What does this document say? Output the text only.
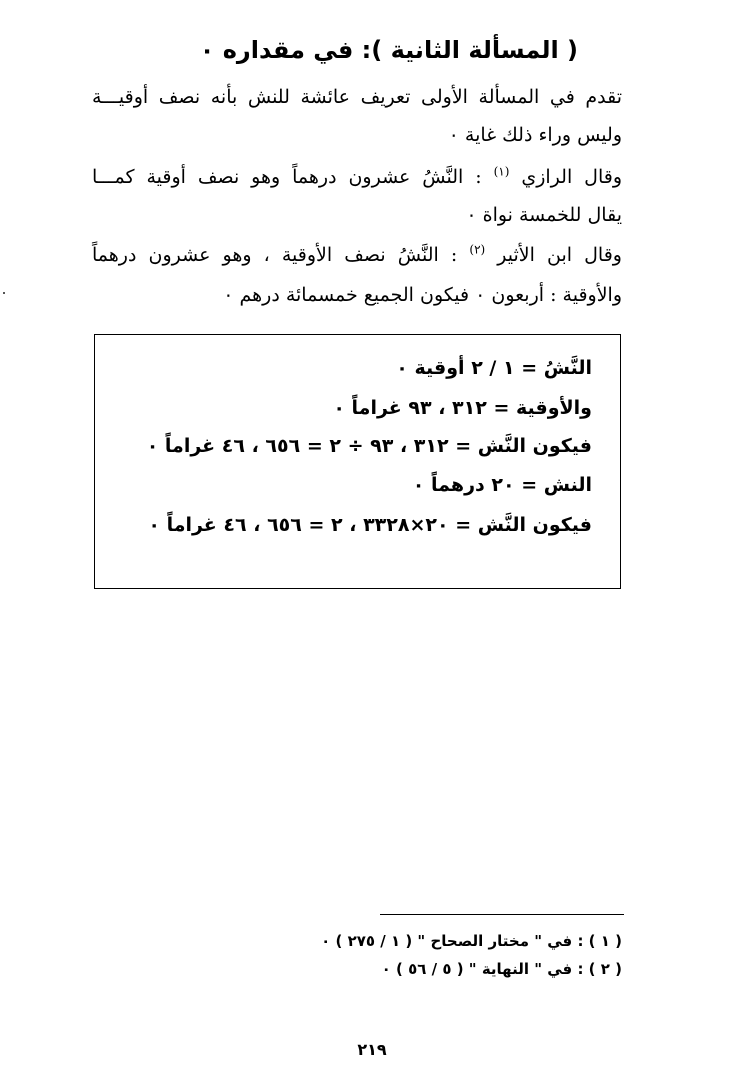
( المسألة الثانية ): في مقداره ٠
تقدم في المسألة الأولى تعريف عائشة للنش بأنه نصف أوقيـــة
وليس وراء ذلك غاية ٠
وقال الرازي $^{(١)}$ : النَّشُ عشرون درهماً وهو نصف أوقية كمـــا
يقال للخمسة نواة ٠
وقال ابن الأثير $^{(٢)}$ : النَّشُ نصف الأوقية ، وهو عشرون درهماً
والأوقية : أربعون ٠ فيكون الجميع خمسمائة درهم ٠
النَّشُ = ١ / ٢ أوقية ٠
والأوقية = ٣١٢ ، ٩٣ غراماً ٠
فيكون النَّش = ٣١٢ ، ٩٣ ÷ ٢ = ٦٥٦ ، ٤٦ غراماً ٠
النش = ٢٠ درهماً ٠
فيكون النَّش = ٢٠×٣٣٢٨ ، ٢ = ٦٥٦ ، ٤٦ غراماً ٠
( ١ ) : في " مختار الصحاح " ( ١ / ٢٧٥ ) ٠
( ٢ ) : في " النهاية " ( ٥ / ٥٦ ) ٠
٢١٩
